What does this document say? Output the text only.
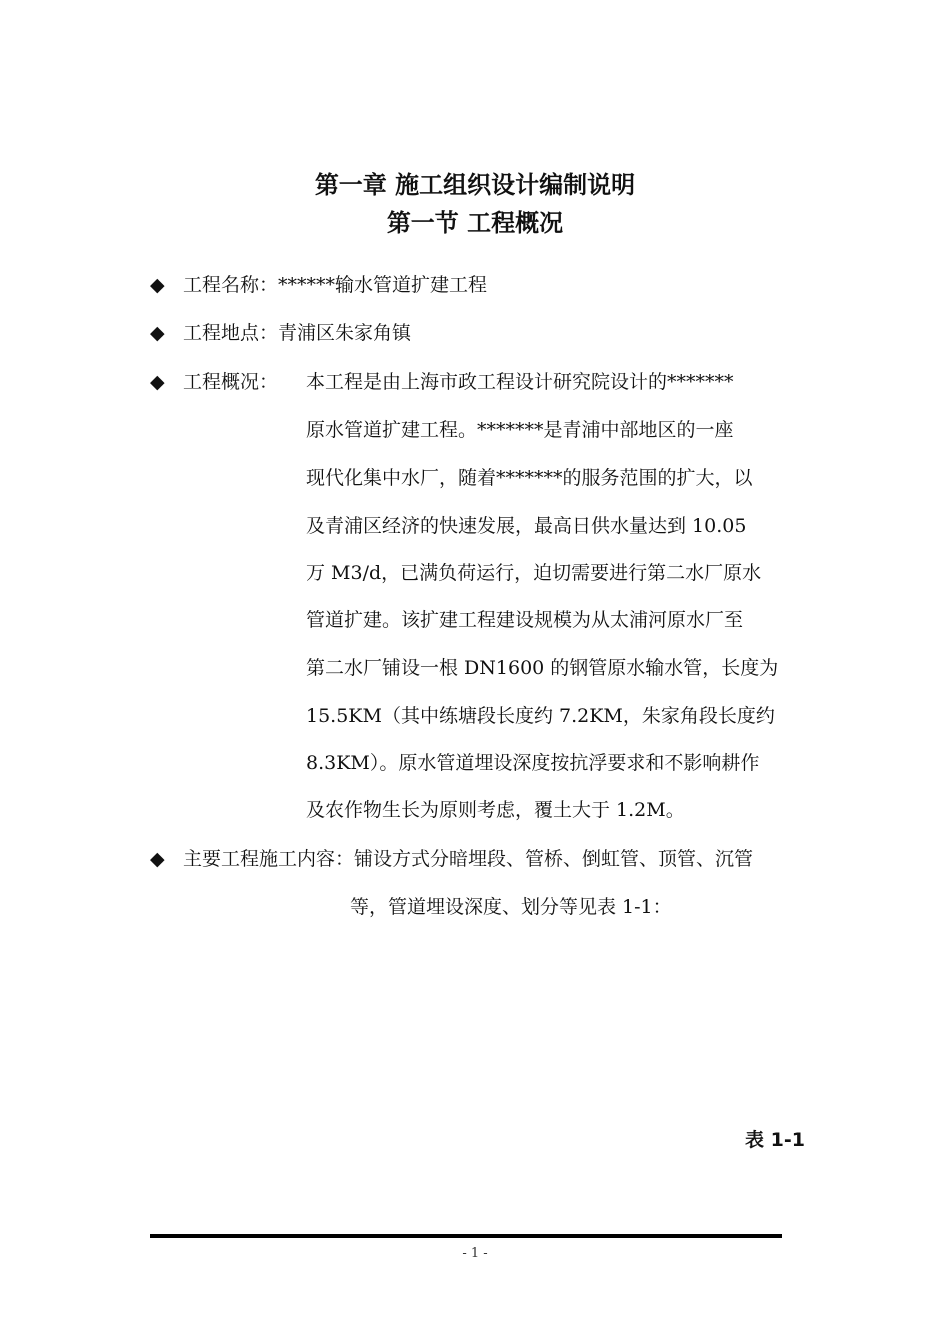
第一章 施工组织设计编制说明
第一节 工程概况
◆ 工程名称：******输水管道扩建工程
◆ 工程地点：青浦区朱家角镇
◆ 工程概况： 本工程是由上海市政工程设计研究院设计的*******
原水管道扩建工程。*******是青浦中部地区的一座
现代化集中水厂，随着*******的服务范围的扩大，以
及青浦区经济的快速发展，最高日供水量达到 10.05
万 M3/d，已满负荷运行，迫切需要进行第二水厂原水
管道扩建。该扩建工程建设规模为从太浦河原水厂至
第二水厂铺设一根 DN1600 的钢管原水输水管，长度为
15.5KM（其中练塘段长度约 7.2KM，朱家角段长度约
8.3KM）。原水管道埋设深度按抗浮要求和不影响耕作
及农作物生长为原则考虑，覆土大于 1.2M。
◆ 主要工程施工内容：铺设方式分暗埋段、管桥、倒虹管、顶管、沉管
等，管道埋设深度、划分等见表 1-1：
表 1-1
- 1 -
